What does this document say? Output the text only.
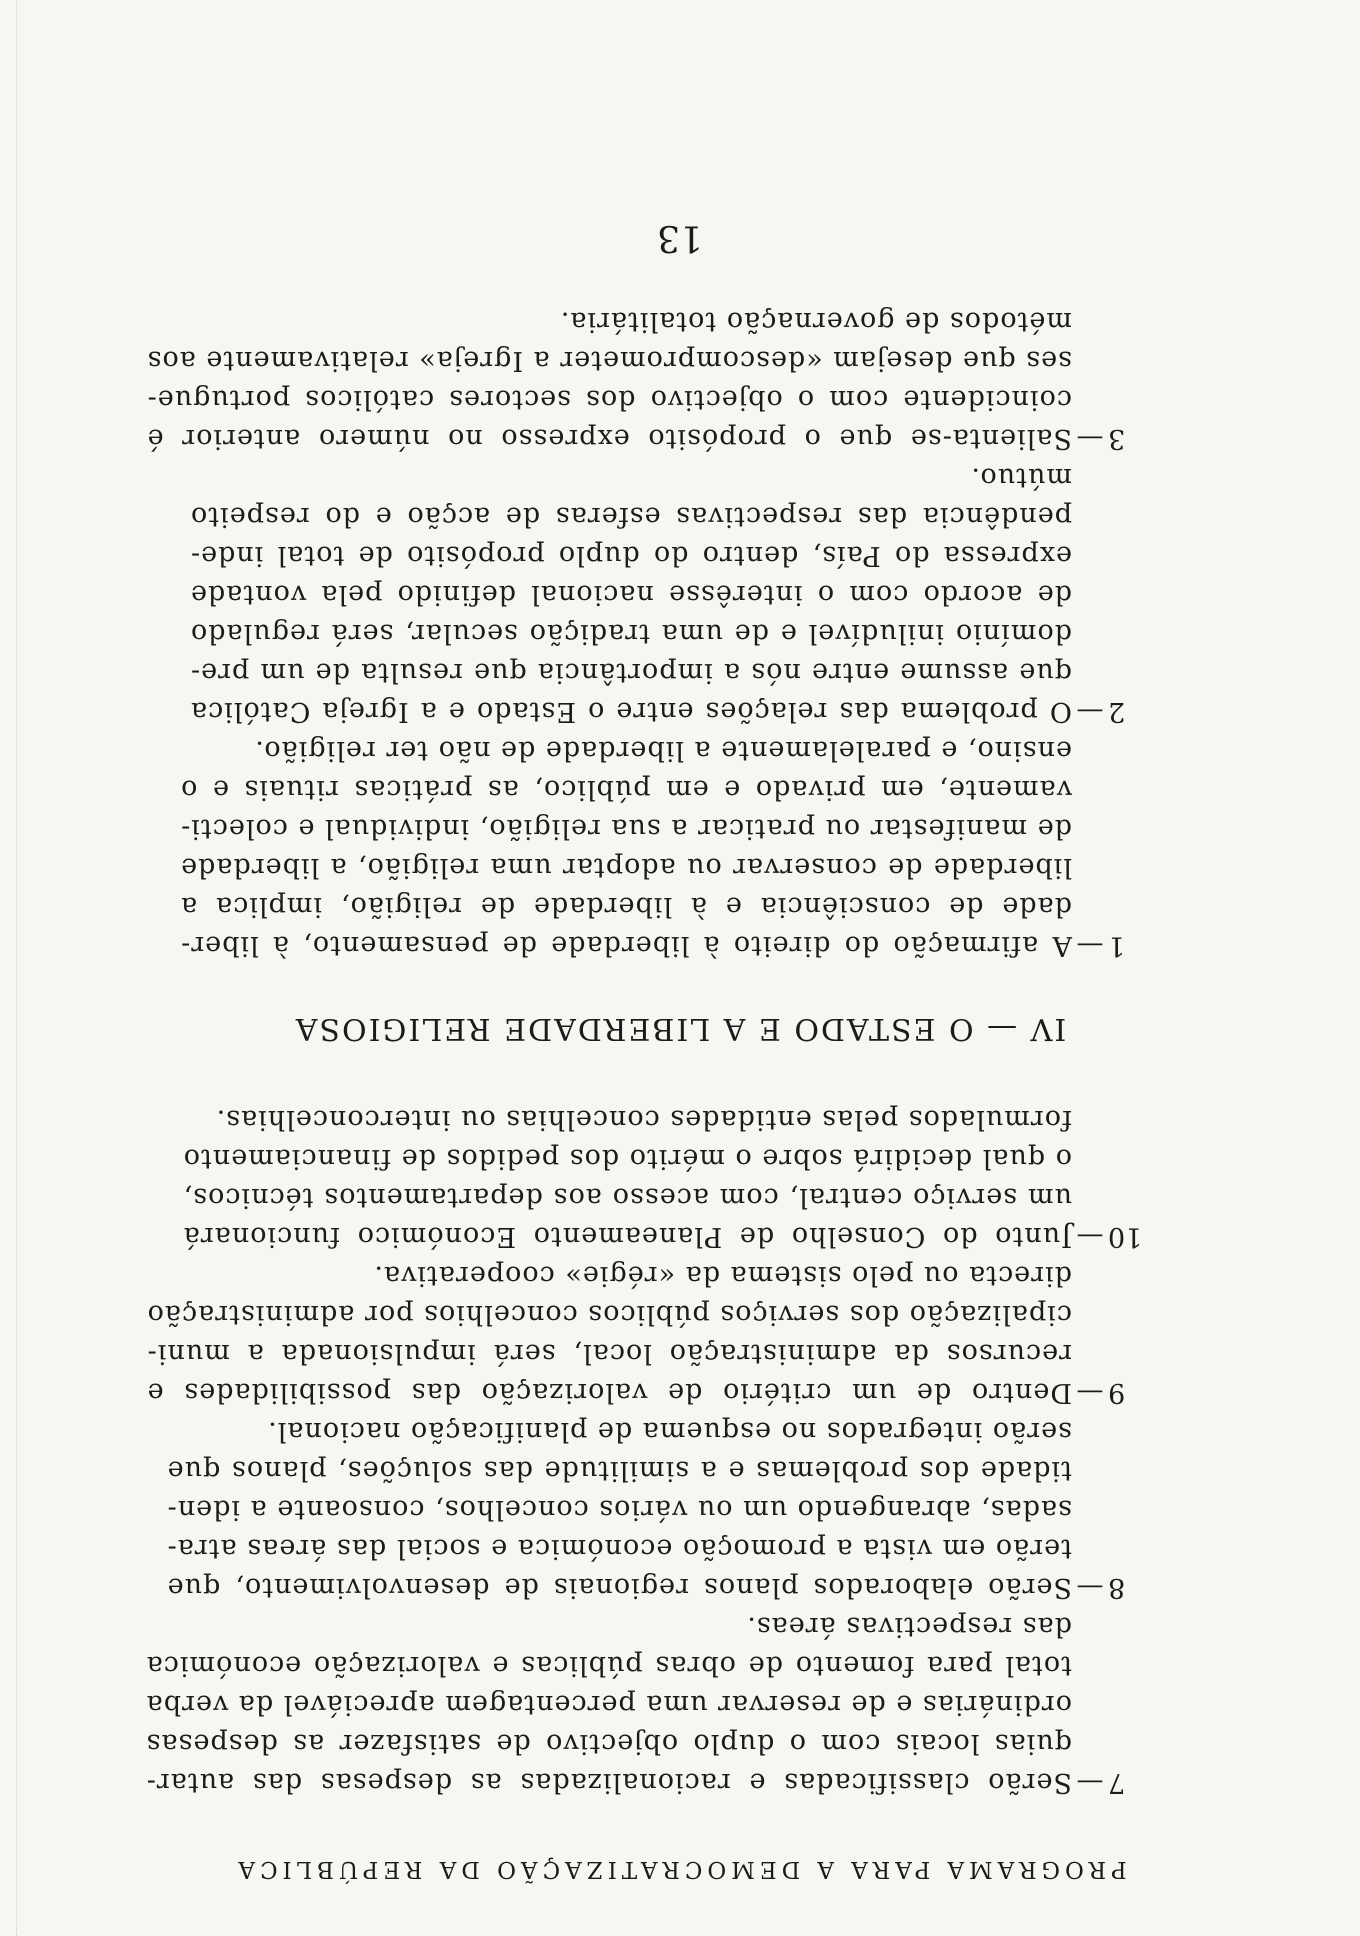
PROGRAMA PARA A DEMOCRATIZAÇÃO DA REPÚBLICA
7
—
Serão classificadas e racionalizadas as despesas das autar-
quias locais com o duplo objectivo de satisfazer as despesas
ordinárias e de reservar uma percentagem apreciável da verba
total para fomento de obras públicas e valorização económica
das respectivas áreas.
8
—
Serão elaborados planos regionais de desenvolvimento, que
terão em vista a promoção económica e social das áreas atra-
sadas, abrangendo um ou vários concelhos, consoante a iden-
tidade dos problemas e a similitude das soluções, planos que
serão integrados no esquema de planificação nacional.
9
—
Dentro de um critério de valorização das possibilidades e
recursos da administração local, será impulsionada a muni-
cipalização dos serviços públicos concelhios por administração
directa ou pelo sistema da «régie» cooperativa.
10
—
Junto do Conselho de Planeamento Económico funcionará
um serviço central, com acesso aos departamentos técnicos,
o qual decidirá sobre o mérito dos pedidos de financiamento
formulados pelas entidades concelhias ou interconcelhias.
IV — O ESTADO E A LIBERDADE RELIGIOSA
1
—
A afirmação do direito à liberdade de pensamento, à liber-
dade de consciência e à liberdade de religião, implica a
liberdade de conservar ou adoptar uma religião, a liberdade
de manifestar ou praticar a sua religião, individual e colecti-
vamente, em privado e em público, as práticas rituais e o
ensino, e paralelamente a liberdade de não ter religião.
2
—
O problema das relações entre o Estado e a Igreja Católica
que assume entre nós a importância que resulta de um pre-
domínio iniludível e de uma tradição secular, será regulado
de acordo com o interêsse nacional definido pela vontade
expressa do País, dentro do duplo propósito de total inde-
pendência das respectivas esferas de acção e do respeito
mútuo.
3
—
Salienta-se que o propósito expresso no número anterior é
coincidente com o objectivo dos sectores católicos portugue-
ses que desejam «descomprometer a Igreja» relativamente aos
métodos de governação totalitária.
13
